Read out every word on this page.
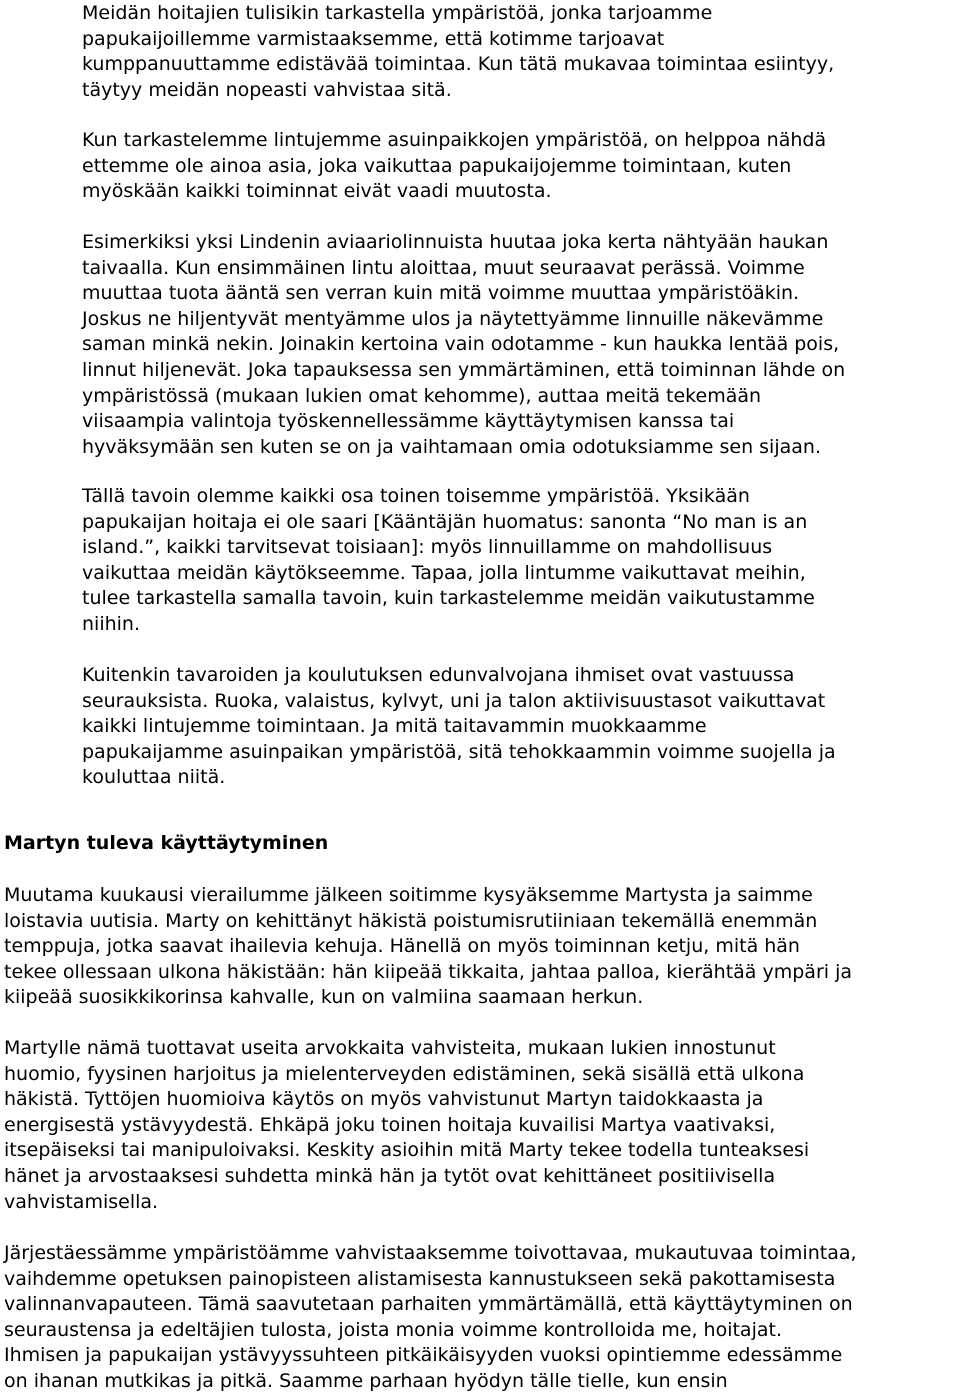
Meidän hoitajien tulisikin tarkastella ympäristöä, jonka tarjoamme
papukaijoillemme varmistaaksemme, että kotimme tarjoavat
kumppanuuttamme edistävää toimintaa. Kun tätä mukavaa toimintaa esiintyy,
täytyy meidän nopeasti vahvistaa sitä.

Kun tarkastelemme lintujemme asuinpaikkojen ympäristöä, on helppoa nähdä
ettemme ole ainoa asia, joka vaikuttaa papukaijojemme toimintaan, kuten
myöskään kaikki toiminnat eivät vaadi muutosta.

Esimerkiksi yksi Lindenin aviaariolinnuista huutaa joka kerta nähtyään haukan
taivaalla. Kun ensimmäinen lintu aloittaa, muut seuraavat perässä. Voimme
muuttaa tuota ääntä sen verran kuin mitä voimme muuttaa ympäristöäkin.
Joskus ne hiljentyvät mentyämme ulos ja näytettyämme linnuille näkevämme
saman minkä nekin. Joinakin kertoina vain odotamme - kun haukka lentää pois,
linnut hiljenevät. Joka tapauksessa sen ymmärtäminen, että toiminnan lähde on
ympäristössä (mukaan lukien omat kehomme), auttaa meitä tekemään
viisaampia valintoja työskennellessämme käyttäytymisen kanssa tai
hyväksymään sen kuten se on ja vaihtamaan omia odotuksiamme sen sijaan.

Tällä tavoin olemme kaikki osa toinen toisemme ympäristöä. Yksikään
papukaijan hoitaja ei ole saari [Kääntäjän huomatus: sanonta “No man is an
island.”, kaikki tarvitsevat toisiaan]: myös linnuillamme on mahdollisuus
vaikuttaa meidän käytökseemme. Tapaa, jolla lintumme vaikuttavat meihin,
tulee tarkastella samalla tavoin, kuin tarkastelemme meidän vaikutustamme
niihin.

Kuitenkin tavaroiden ja koulutuksen edunvalvojana ihmiset ovat vastuussa
seurauksista. Ruoka, valaistus, kylvyt, uni ja talon aktiivisuustasot vaikuttavat
kaikki lintujemme toimintaan. Ja mitä taitavammin muokkaamme
papukaijamme asuinpaikan ympäristöä, sitä tehokkaammin voimme suojella ja
kouluttaa niitä.

Martyn tuleva käyttäytyminen

Muutama kuukausi vierailumme jälkeen soitimme kysyäksemme Martysta ja saimme
loistavia uutisia. Marty on kehittänyt häkistä poistumisrutiiniaan tekemällä enemmän
temppuja, jotka saavat ihailevia kehuja. Hänellä on myös toiminnan ketju, mitä hän
tekee ollessaan ulkona häkistään: hän kiipeää tikkaita, jahtaa palloa, kierähtää ympäri ja
kiipeää suosikkikorinsa kahvalle, kun on valmiina saamaan herkun.

Martylle nämä tuottavat useita arvokkaita vahvisteita, mukaan lukien innostunut
huomio, fyysinen harjoitus ja mielenterveyden edistäminen, sekä sisällä että ulkona
häkistä. Tyttöjen huomioiva käytös on myös vahvistunut Martyn taidokkaasta ja
energisestä ystävyydestä. Ehkäpä joku toinen hoitaja kuvailisi Martya vaativaksi,
itsepäiseksi tai manipuloivaksi. Keskity asioihin mitä Marty tekee todella tunteaksesi
hänet ja arvostaaksesi suhdetta minkä hän ja tytöt ovat kehittäneet positiivisella
vahvistamisella.

Järjestäessämme ympäristöämme vahvistaaksemme toivottavaa, mukautuvaa toimintaa,
vaihdemme opetuksen painopisteen alistamisesta kannustukseen sekä pakottamisesta
valinnanvapauteen. Tämä saavutetaan parhaiten ymmärtämällä, että käyttäytyminen on
seuraustensa ja edeltäjien tulosta, joista monia voimme kontrolloida me, hoitajat.
Ihmisen ja papukaijan ystävyyssuhteen pitkäikäisyyden vuoksi opintiemme edessämme
on ihanan mutkikas ja pitkä. Saamme parhaan hyödyn tälle tielle, kun ensin
